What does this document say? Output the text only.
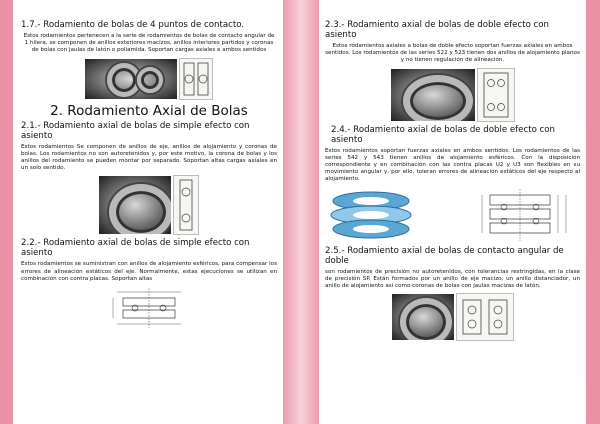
1.7.- Rodamiento de bolas de 4 puntos de contacto.
Estos rodamientos pertenecen a la serie de rodamientos de bolas de contacto angular de 1 hilera, se componen de anillos exteriores macizos, anillos interiores partidos y coronas de bolas con jaulas de latón o poliamida. Soportan cargas axiales e ambos sentidos
2. Rodamiento Axial de Bolas
2.1.- Rodamiento axial de bolas de simple efecto con asiento
Estos rodamientos Se componen de anillos de eje, anillos de alojamiento y coronas de bolas. Los rodamientos no son autoretenidos y, por este motivo, la corona de bolas y los anillos del rodamiento se pueden montar por separado. Soportan altas cargas axiales en un solo sentido.
2.2.- Rodamiento axial de bolas de simple efecto con asiento
Estos rodamientos se suministran con anillos de alojamiento esféricos, para compensar los errores de alineación estáticos del eje. Normalmente, estas ejecuciones se utilizan en combinación con contra placas. Soportan altas
2.3.- Rodamiento axial de bolas de doble efecto con asiento
Estos rodamientos axiales a bolas de doble efecto soportan fuerzas axiales en ambos sentidos. Los rodamientos de las series 522 y 523 tienen dos anillos de alojamiento planos y no tienen regulación de alineación.
2.4.- Rodamiento axial de bolas de doble efecto con asiento
Estos rodamientos soportan fuerzas axiales en ambos sentidos. Los rodamientos de las series 542 y 543 tienen anillos de alojamiento esféricos. Con la disposición correspondiente y en combinación con las contra placas U2 y U3 son flexibles en su movimiento angular y, por ello, toleran errores de alineación estáticos del eje respecto al alojamiento.
2.5.- Rodamiento axial de bolas de contacto angular de doble
son rodamientos de precisión no autoretenidos, con tolerancias restringidas, en la clase de precisión SP. Están formados por un anillo de eje macizo, un anillo distanciador, un anillo de alojamiento así como coronas de bolas con jaulas macizas de latón.
